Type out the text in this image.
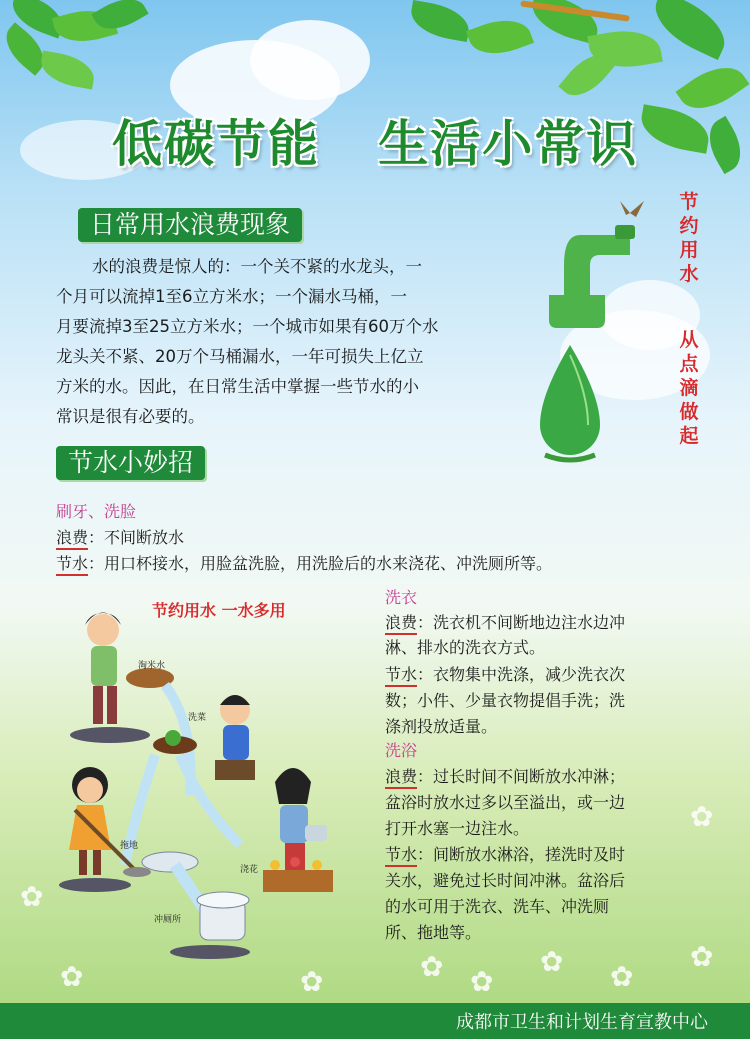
低碳节能   生活小常识
日常用水浪费现象

水的浪费是惊人的：一个关不紧的水龙头，一

个月可以流掉1至6立方米水；一个漏水马桶，一

月要流掉3至25立方米水；一个城市如果有60万个水

龙头关不紧、20万个马桶漏水，一年可损失上亿立

方米的水。因此，在日常生活中掌握一些节水的小

常识是很有必要的。

节约用水
从点滴做起
节水小妙招
刷牙、洗脸
浪费：不间断放水
节水：用口杯接水，用脸盆洗脸，用洗脸后的水来浇花、冲洗厕所等。
节约用水 一水多用
淘米水
洗菜
拖地
浇花
冲厕所
洗衣
浪费：洗衣机不间断地边注水边冲
淋、排水的洗衣方式。
节水：衣物集中洗涤，减少洗衣次
数；小件、少量衣物提倡手洗；洗
涤剂投放适量。
洗浴
浪费：过长时间不间断放水冲淋；
盆浴时放水过多以至溢出，或一边
打开水塞一边注水。
节水：间断放水淋浴，搓洗时及时
关水，避免过长时间冲淋。盆浴后
的水可用于洗衣、洗车、冲洗厕
所、拖地等。
✿ ✿
✿ ✿
✿
✿
✿
✿
✿
成都市卫生和计划生育宣教中心
